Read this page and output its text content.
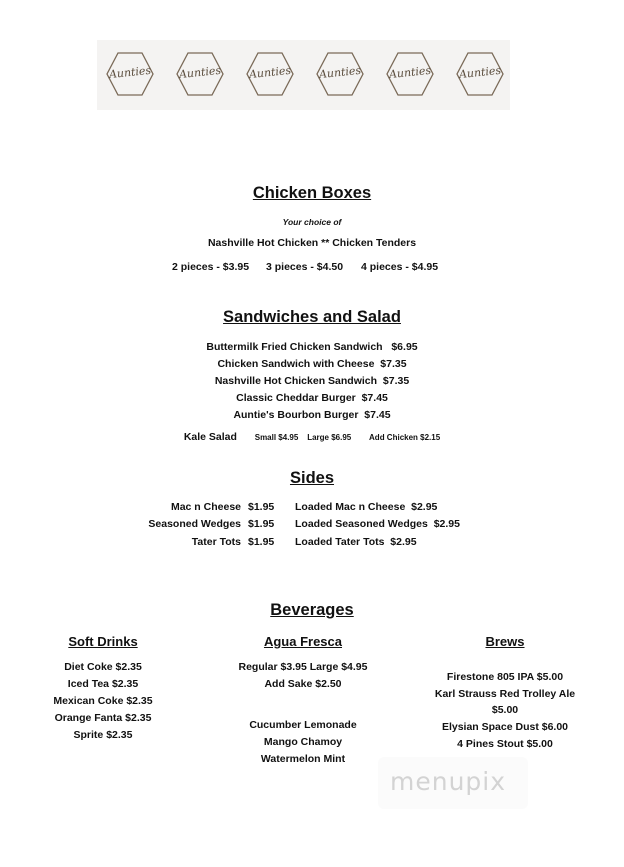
Aunties	Aunties	Aunties	Aunties	Aunties	Aunties
Chicken Boxes
Your choice of
Nashville Hot Chicken ** Chicken Tenders
2 pieces - $3.95 3 pieces - $4.50 4 pieces - $4.95
Sandwiches and Salad
Buttermilk Fried Chicken Sandwich $6.95
Chicken Sandwich with Cheese $7.35
Nashville Hot Chicken Sandwich $7.35
Classic Cheddar Burger $7.45
Auntie's Bourbon Burger $7.45
Kale Salad Small $4.95 Large $6.95 Add Chicken $2.15
Sides
Mac n Cheese $1.95
Seasoned Wedges $1.95
Tater Tots $1.95
Loaded Mac n Cheese $2.95
Loaded Seasoned Wedges $2.95
Loaded Tater Tots $2.95
Beverages
Soft Drinks
Diet Coke $2.35
Iced Tea $2.35
Mexican Coke $2.35
Orange Fanta $2.35
Sprite $2.35
Agua Fresca
Regular $3.95 Large $4.95
Add Sake $2.50
Cucumber Lemonade
Mango Chamoy
Watermelon Mint
Brews
Firestone 805 IPA $5.00
Karl Strauss Red Trolley Ale
$5.00
Elysian Space Dust $6.00
4 Pines Stout $5.00
menupix
